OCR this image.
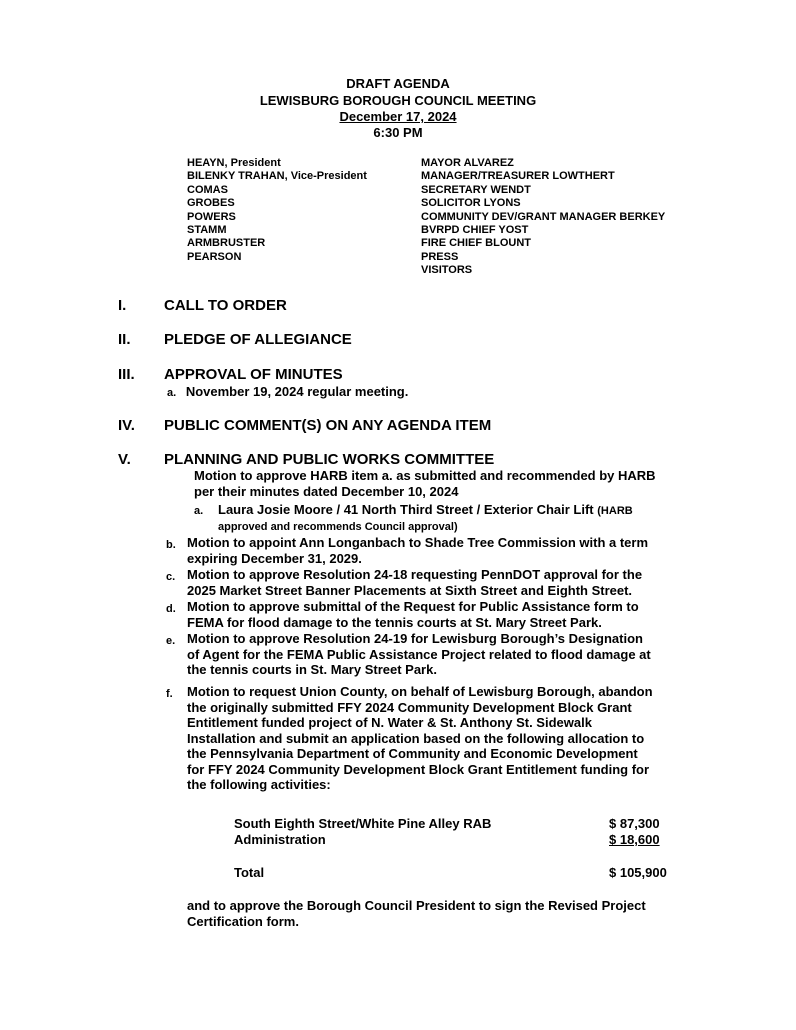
DRAFT AGENDA
LEWISBURG BOROUGH COUNCIL MEETING
December 17, 2024
6:30 PM
HEAYN, President
BILENKY TRAHAN, Vice-President
COMAS
GROBES
POWERS
STAMM
ARMBRUSTER
PEARSON
MAYOR ALVAREZ
MANAGER/TREASURER LOWTHERT
SECRETARY WENDT
SOLICITOR LYONS
COMMUNITY DEV/GRANT MANAGER BERKEY
BVRPD CHIEF YOST
FIRE CHIEF BLOUNT
PRESS
VISITORS
I.	CALL TO ORDER
II. PLEDGE OF ALLEGIANCE
III. APPROVAL OF MINUTES
a. November 19, 2024 regular meeting.
IV. PUBLIC COMMENT(S) ON ANY AGENDA ITEM
V. PLANNING AND PUBLIC WORKS COMMITTEE
Motion to approve HARB item a. as submitted and recommended by HARB
per their minutes dated December 10, 2024
a. Laura Josie Moore / 41 North Third Street / Exterior Chair Lift (HARB
approved and recommends Council approval)
b. Motion to appoint Ann Longanbach to Shade Tree Commission with a term
expiring December 31, 2029.
c. Motion to approve Resolution 24-18 requesting PennDOT approval for the
2025 Market Street Banner Placements at Sixth Street and Eighth Street.
d. Motion to approve submittal of the Request for Public Assistance form to
FEMA for flood damage to the tennis courts at St. Mary Street Park.
e. Motion to approve Resolution 24-19 for Lewisburg Borough’s Designation
of Agent for the FEMA Public Assistance Project related to flood damage at
the tennis courts in St. Mary Street Park.
f. Motion to request Union County, on behalf of Lewisburg Borough, abandon
the originally submitted FFY 2024 Community Development Block Grant
Entitlement funded project of N. Water & St. Anthony St. Sidewalk
Installation and submit an application based on the following allocation to
the Pennsylvania Department of Community and Economic Development
for FFY 2024 Community Development Block Grant Entitlement funding for
the following activities:
South Eighth Street/White Pine Alley RAB	$ 87,300
Administration	$ 18,600
Total	$ 105,900
and to approve the Borough Council President to sign the Revised Project
Certification form.
